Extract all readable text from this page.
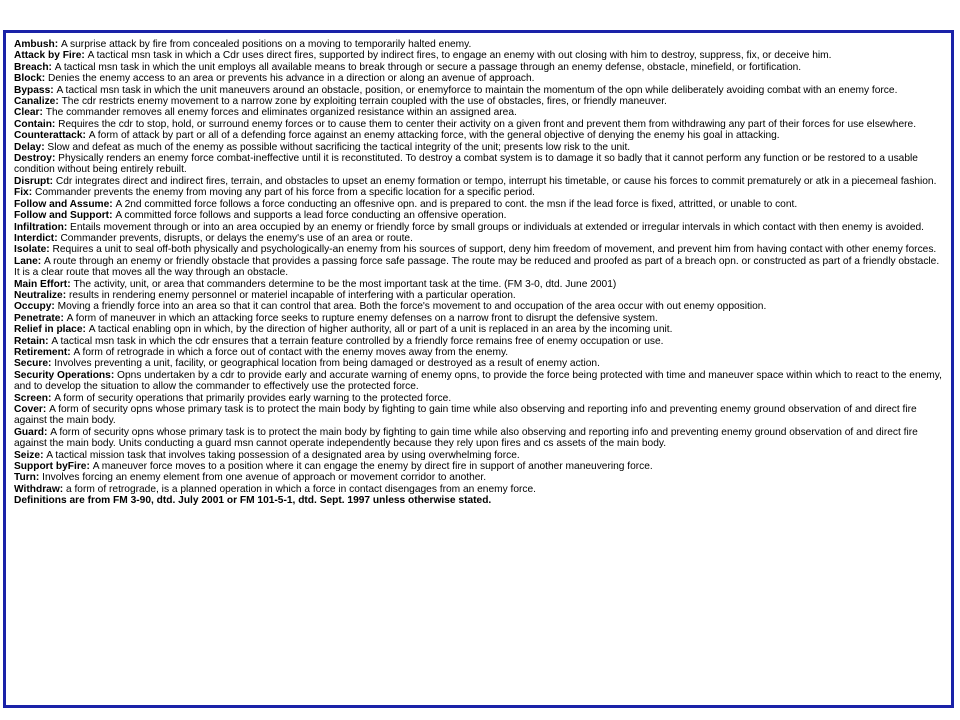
Ambush: A surprise attack by fire from concealed positions on a moving to temporarily halted enemy.

Attack by Fire: A tactical msn task in which a Cdr uses direct fires, supported by indirect fires, to engage an enemy with out closing with him to destroy, suppress, fix, or deceive him.

Breach: A tactical msn task in which the unit employs all available means to break through or secure a passage through an enemy defense, obstacle, minefield, or fortification.

Block: Denies the enemy access to an area or prevents his advance in a direction or along an avenue of approach.

Bypass: A tactical msn task in which the unit maneuvers around an obstacle, position, or enemyforce to maintain the momentum of the opn while deliberately avoiding combat with an enemy force.

Canalize: The cdr restricts enemy movement to a narrow zone by exploiting terrain coupled with the use of obstacles, fires, or friendly maneuver.

Clear: The commander removes all enemy forces and eliminates organized resistance within an assigned area.

Contain: Requires the cdr to stop, hold, or surround enemy forces or to cause them to center their activity on a given front and prevent them from withdrawing any part of their forces for use elsewhere.

Counterattack: A form of attack by part or all of a defending force against an enemy attacking force, with the general objective of denying the enemy his goal in attacking.

Delay: Slow and defeat as much of the enemy as possible without sacrificing the tactical integrity of the unit; presents low risk to the unit.

Destroy: Physically renders an enemy force combat-ineffective until it is reconstituted. To destroy a combat system is to damage it so badly that it cannot perform any function or be restored to a usable condition without being entirely rebuilt.

Disrupt: Cdr integrates direct and indirect fires, terrain, and obstacles to upset an enemy formation or tempo, interrupt his timetable, or cause his forces to commit prematurely or atk in a piecemeal fashion.

Fix: Commander prevents the enemy from moving any part of his force from a specific location for a specific period.

Follow and Assume: A 2nd committed force follows a force conducting an offesnive opn. and is prepared to cont. the msn if the lead force is fixed, attritted, or unable to cont.

Follow and Support: A committed force follows and supports a lead force conducting an offensive operation.

Infiltration: Entails movement through or into an area occupied by an enemy or friendly force by small groups or individuals at extended or irregular intervals in which contact with then enemy is avoided.

Interdict: Commander prevents, disrupts, or delays the enemy's use of an area or route.

Isolate: Requires a unit to seal off-both physically and psychologically-an enemy from his sources of support, deny him freedom of movement, and prevent him from having contact with other enemy forces.

Lane: A route through an enemy or friendly obstacle that provides a passing force safe passage. The route may be reduced and proofed as part of a breach opn. or constructed as part of a friendly obstacle. It is a clear route that moves all the way through an obstacle.

Main Effort: The activity, unit, or area that commanders determine to be the most important task at the time. (FM 3-0, dtd. June 2001)

Neutralize: results in rendering enemy personnel or materiel incapable of interfering with a particular operation.

Occupy: Moving a friendly force into an area so that it can control that area. Both the force's movement to and occupation of the area occur with out enemy opposition.

Penetrate: A form of maneuver in which an attacking force seeks to rupture enemy defenses on a narrow front to disrupt the defensive system.

Relief in place: A tactical enabling opn in which, by the direction of higher authority, all or part of a unit is replaced in an area by the incoming unit.

Retain: A tactical msn task in which the cdr ensures that a terrain feature controlled by a friendly force remains free of enemy occupation or use.

Retirement: A form of retrograde in which a force out of contact with the enemy moves away from the enemy.

Secure: Involves preventing a unit, facility, or geographical location from being damaged or destroyed as a result of enemy action.

Security Operations: Opns undertaken by a cdr to provide early and accurate warning of enemy opns, to provide the force being protected with time and maneuver space within which to react to the enemy, and to develop the situation to allow the commander to effectively use the protected force.

Screen: A form of security operations that primarily provides early warning to the protected force.

Cover: A form of security opns whose primary task is to protect the main body by fighting to gain time while also observing and reporting info and preventing enemy ground observation of and direct fire against the main body.

Guard: A form of security opns whose primary task is to protect the main body by fighting to gain time while also observing and reporting info and preventing enemy ground observation of and direct fire against the main body. Units conducting a guard msn cannot operate independently because they rely upon fires and cs assets of the main body.

Seize: A tactical mission task that involves taking possession of a designated area by using overwhelming force.

Support byFire: A maneuver force moves to a position where it can engage the enemy by direct fire in support of another maneuvering force.

Turn: Involves forcing an enemy element from one avenue of approach or movement corridor to another.

Withdraw: a form of retrograde, is a planned operation in which a force in contact disengages from an enemy force.

Definitions are from FM 3-90, dtd. July 2001 or FM 101-5-1, dtd. Sept. 1997 unless otherwise stated.
